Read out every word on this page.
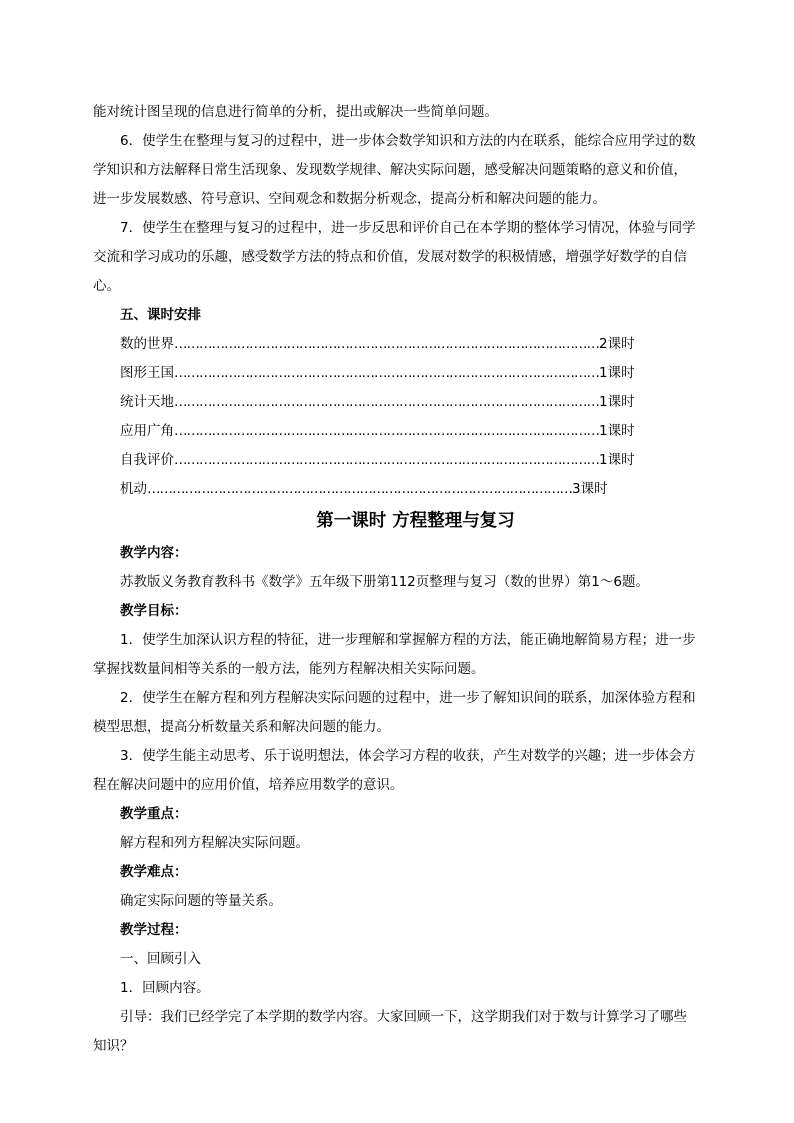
能对统计图呈现的信息进行简单的分析，提出或解决一些简单问题。
6．使学生在整理与复习的过程中，进一步体会数学知识和方法的内在联系，能综合应用学过的数
学知识和方法解释日常生活现象、发现数学规律、解决实际问题，感受解决问题策略的意义和价值，
进一步发展数感、符号意识、空间观念和数据分析观念，提高分析和解决问题的能力。
7．使学生在整理与复习的过程中，进一步反思和评价自己在本学期的整体学习情况，体验与同学
交流和学习成功的乐趣，感受数学方法的特点和价值，发展对数学的积极情感，增强学好数学的自信
心。
五、课时安排
数的世界 ………………………………………………………………………………………… 2课时
图形王国 ………………………………………………………………………………………… 1课时
统计天地 ………………………………………………………………………………………… 1课时
应用广角 ………………………………………………………………………………………… 1课时
自我评价 ………………………………………………………………………………………… 1课时
机动 ………………………………………………………………………………………… 3课时
第一课时 方程整理与复习
教学内容：
苏教版义务教育教科书《数学》五年级下册第112页整理与复习（数的世界）第1～6题。
教学目标：
1．使学生加深认识方程的特征，进一步理解和掌握解方程的方法，能正确地解简易方程；进一步
掌握找数量间相等关系的一般方法，能列方程解决相关实际问题。
2．使学生在解方程和列方程解决实际问题的过程中，进一步了解知识间的联系，加深体验方程和
模型思想，提高分析数量关系和解决问题的能力。
3．使学生能主动思考、乐于说明想法，体会学习方程的收获，产生对数学的兴趣；进一步体会方
程在解决问题中的应用价值，培养应用数学的意识。
教学重点：
解方程和列方程解决实际问题。
教学难点：
确定实际问题的等量关系。
教学过程：
一、回顾引入
1．回顾内容。
引导：我们已经学完了本学期的数学内容。大家回顾一下，这学期我们对于数与计算学习了哪些
知识？
